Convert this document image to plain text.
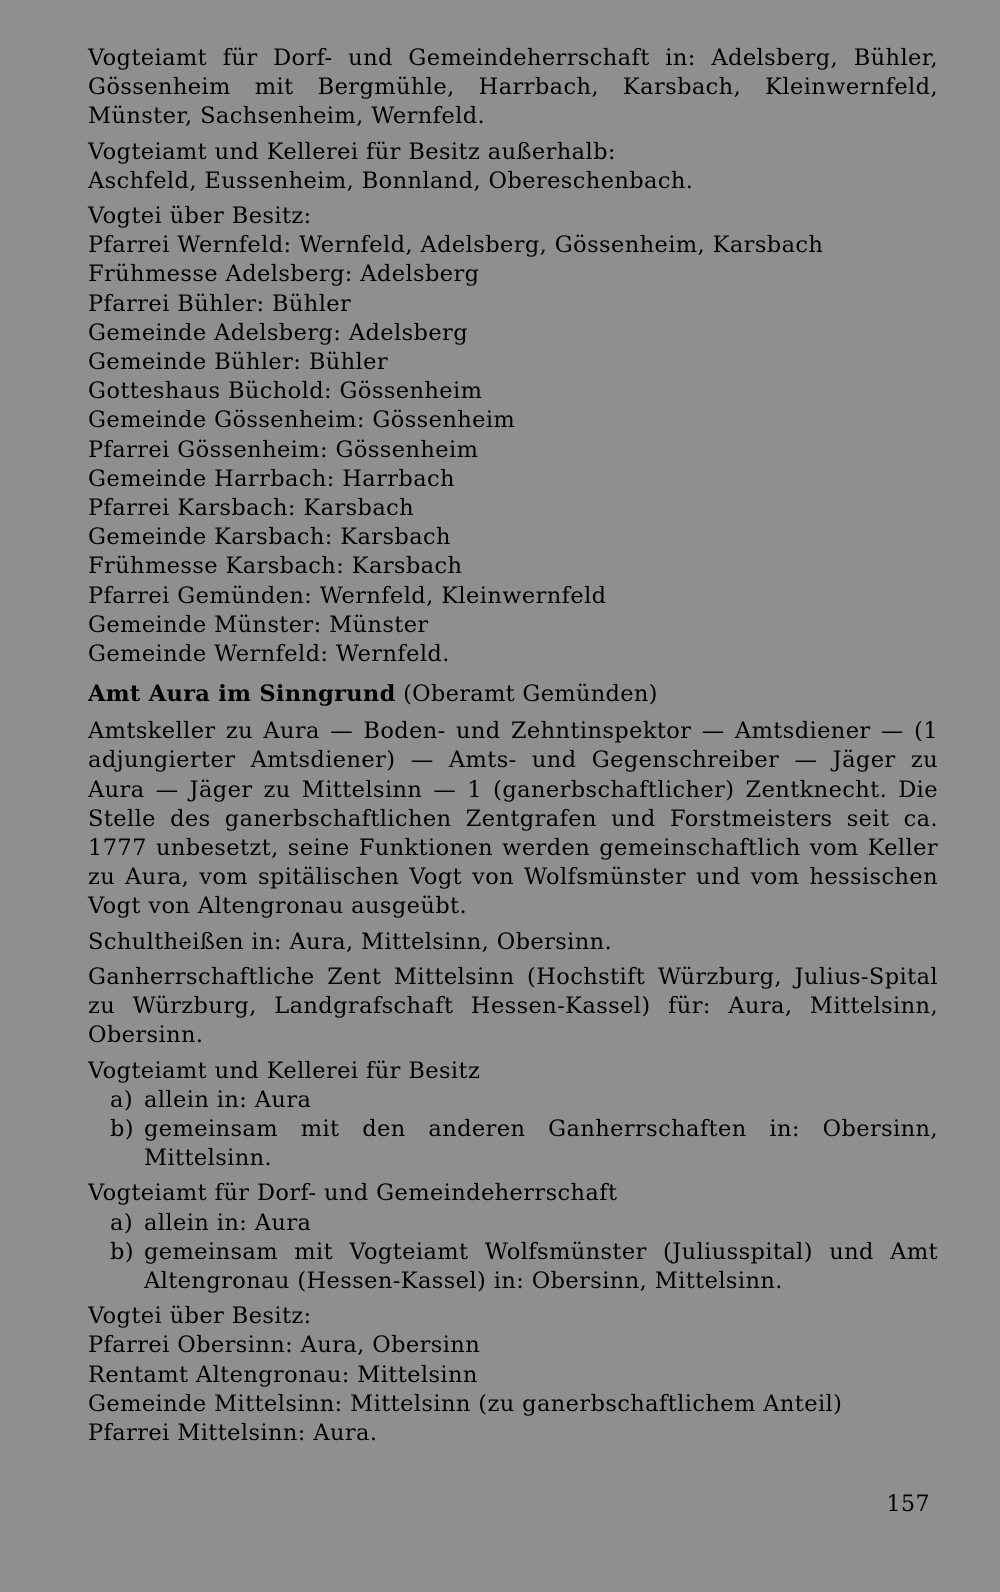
Vogteiamt für Dorf- und Gemeindeherrschaft in: Adelsberg, Bühler, Gössenheim mit Bergmühle, Harrbach, Karsbach, Kleinwernfeld, Münster, Sachsenheim, Wernfeld.

Vogteiamt und Kellerei für Besitz außerhalb:
Aschfeld, Eussenheim, Bonnland, Obereschenbach.
Vogtei über Besitz:
Pfarrei Wernfeld: Wernfeld, Adelsberg, Gössenheim, Karsbach
Frühmesse Adelsberg: Adelsberg
Pfarrei Bühler: Bühler
Gemeinde Adelsberg: Adelsberg
Gemeinde Bühler: Bühler
Gotteshaus Büchold: Gössenheim
Gemeinde Gössenheim: Gössenheim
Pfarrei Gössenheim: Gössenheim
Gemeinde Harrbach: Harrbach
Pfarrei Karsbach: Karsbach
Gemeinde Karsbach: Karsbach
Frühmesse Karsbach: Karsbach
Pfarrei Gemünden: Wernfeld, Kleinwernfeld
Gemeinde Münster: Münster
Gemeinde Wernfeld: Wernfeld.
Amt Aura im Sinngrund (Oberamt Gemünden)

Amtskeller zu Aura — Boden- und Zehntinspektor — Amtsdiener — (1 adjungierter Amtsdiener) — Amts- und Gegenschreiber — Jäger zu Aura — Jäger zu Mittelsinn — 1 (ganerbschaftlicher) Zentknecht. Die Stelle des ganerbschaftlichen Zentgrafen und Forstmeisters seit ca. 1777 unbesetzt, seine Funktionen werden gemeinschaftlich vom Keller zu Aura, vom spitälischen Vogt von Wolfsmünster und vom hessischen Vogt von Altengronau ausgeübt.

Schultheißen in: Aura, Mittelsinn, Obersinn.

Ganherrschaftliche Zent Mittelsinn (Hochstift Würzburg, Julius-Spital zu Würzburg, Landgrafschaft Hessen-Kassel) für: Aura, Mittelsinn, Obersinn.

Vogteiamt und Kellerei für Besitz
a) allein in: Aura
b) gemeinsam mit den anderen Ganherrschaften in: Obersinn, Mittelsinn.
Vogteiamt für Dorf- und Gemeindeherrschaft
a) allein in: Aura
b) gemeinsam mit Vogteiamt Wolfsmünster (Juliusspital) und Amt Altengronau (Hessen-Kassel) in: Obersinn, Mittelsinn.
Vogtei über Besitz:
Pfarrei Obersinn: Aura, Obersinn
Rentamt Altengronau: Mittelsinn
Gemeinde Mittelsinn: Mittelsinn (zu ganerbschaftlichem Anteil)
Pfarrei Mittelsinn: Aura.
157
